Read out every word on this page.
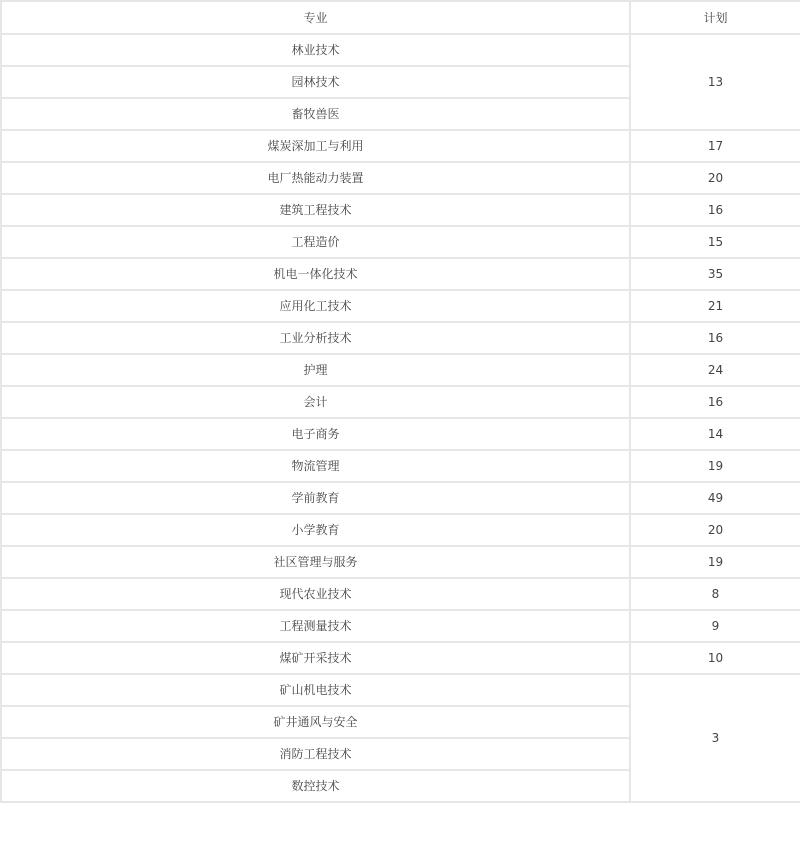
专业	计划
林业技术	13
园林技术	
畜牧兽医	
煤炭深加工与利用	17
电厂热能动力装置	20
建筑工程技术	16
工程造价	15
机电一体化技术	35
应用化工技术	21
工业分析技术	16
护理	24
会计	16
电子商务	14
物流管理	19
学前教育	49
小学教育	20
社区管理与服务	19
现代农业技术	8
工程测量技术	9
煤矿开采技术	10
矿山机电技术	3
矿井通风与安全	
消防工程技术	
数控技术	
